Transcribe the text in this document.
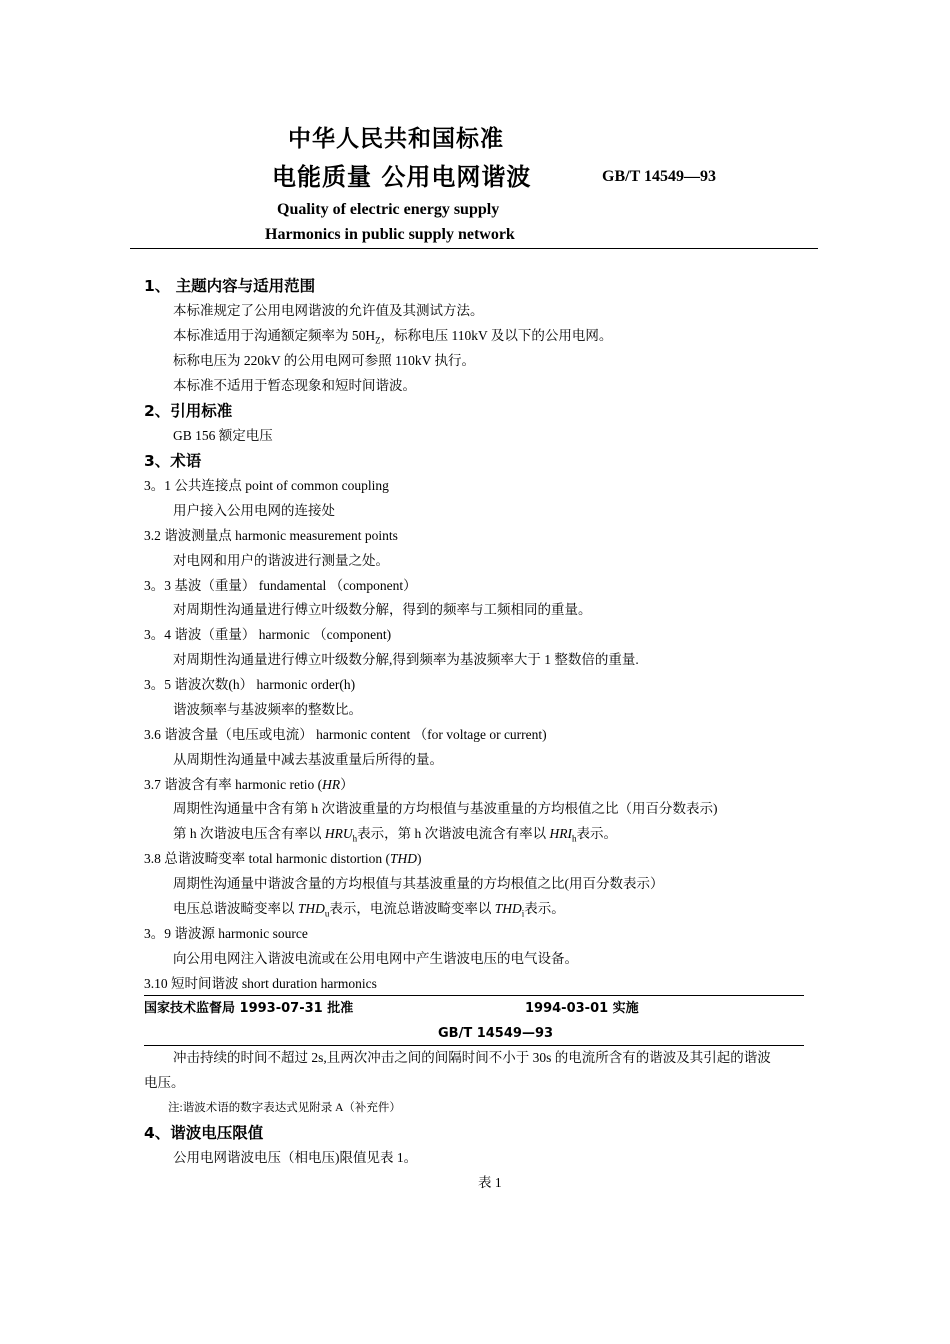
中华人民共和国标准
电能质量 公用电网谐波	GB/T 14549—93
Quality of electric energy supply
Harmonics in public supply network
1、 主题内容与适用范围
本标准规定了公用电网谐波的允许值及其测试方法。
本标准适用于沟通额定频率为 $50H_Z$，标称电压 110kV 及以下的公用电网。
标称电压为 220kV 的公用电网可参照 110kV 执行。
本标准不适用于暂态现象和短时间谐波。
2、引用标准
GB 156 额定电压
3、术语
3。1 公共连接点 point of common coupling
用户接入公用电网的连接处
3.2 谐波测量点 harmonic measurement points
对电网和用户的谐波进行测量之处。
3。3 基波（重量） fundamental （component）
对周期性沟通量进行傅立叶级数分解，得到的频率与工频相同的重量。
3。4 谐波（重量） harmonic （component)
对周期性沟通量进行傅立叶级数分解,得到频率为基波频率大于 1 整数倍的重量.
3。5 谐波次数(h） harmonic order(h)
谐波频率与基波频率的整数比。
3.6 谐波含量（电压或电流） harmonic content （for voltage or current)
从周期性沟通量中减去基波重量后所得的量。
3.7 谐波含有率 harmonic retio (HR）
周期性沟通量中含有第 h 次谐波重量的方均根值与基波重量的方均根值之比（用百分数表示)
第 h 次谐波电压含有率以 $HRU_h$表示，第 h 次谐波电流含有率以 $HRI_h$表示。
3.8 总谐波畸变率 total harmonic distortion (THD)
周期性沟通量中谐波含量的方均根值与其基波重量的方均根值之比(用百分数表示）
电压总谐波畸变率以 $THD_u$表示，电流总谐波畸变率以 $THD_i$表示。
3。9 谐波源 harmonic source
向公用电网注入谐波电流或在公用电网中产生谐波电压的电气设备。
3.10 短时间谐波 short duration harmonics
国家技术监督局 1993-07-31 批准	1994-03-01 实施
GB/T 14549—93
冲击持续的时间不超过 2s,且两次冲击之间的间隔时间不小于 30s 的电流所含有的谐波及其引起的谐波
电压。
注:谐波术语的数字表达式见附录 A（补充件）
4、谐波电压限值
公用电网谐波电压（相电压)限值见表 1。
表 1
